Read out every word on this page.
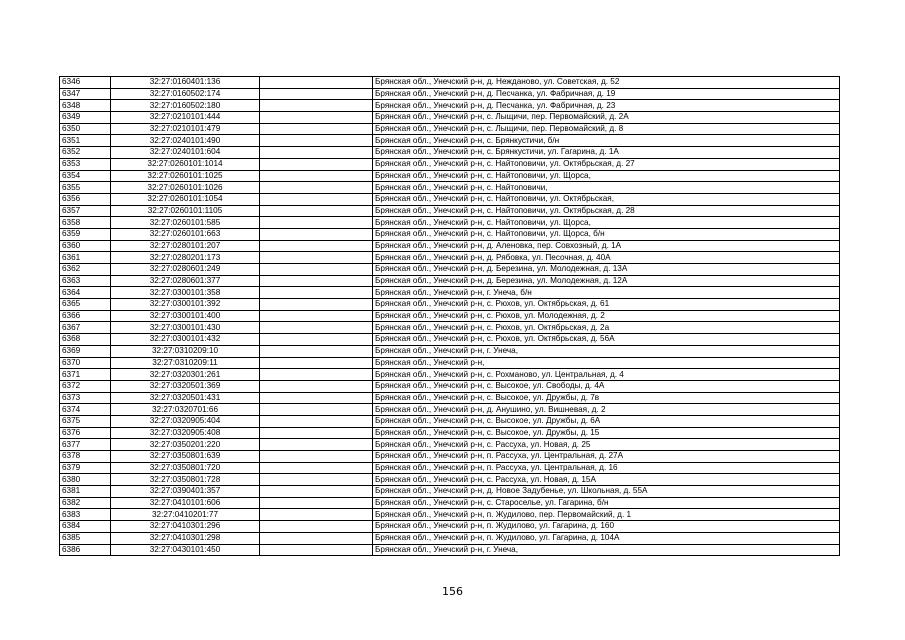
6346	32:27:0160401:136		Брянская обл., Унечский р-н, д. Нежданово, ул. Советская, д. 52
6347	32:27:0160502:174		Брянская обл., Унечский р-н, д. Песчанка, ул. Фабричная, д. 19
6348	32:27:0160502:180		Брянская обл., Унечский р-н, д. Песчанка, ул. Фабричная, д. 23
6349	32:27:0210101:444		Брянская обл., Унечский р-н, с. Лыщичи, пер. Первомайский, д. 2А
6350	32:27:0210101:479		Брянская обл., Унечский р-н, с. Лыщичи, пер. Первомайский, д. 8
6351	32:27:0240101:490		Брянская обл., Унечский р-н, с. Брянкустичи, б/н
6352	32:27:0240101:604		Брянская обл., Унечский р-н, с. Брянкустичи, ул. Гагарина, д. 1А
6353	32:27:0260101:1014		Брянская обл., Унечский р-н, с. Найтоповичи, ул. Октябрьская, д. 27
6354	32:27:0260101:1025		Брянская обл., Унечский р-н, с. Найтоповичи, ул. Щорса,
6355	32:27:0260101:1026		Брянская обл., Унечский р-н, с. Найтоповичи,
6356	32:27:0260101:1054		Брянская обл., Унечский р-н, с. Найтоповичи, ул. Октябрьская,
6357	32:27:0260101:1105		Брянская обл., Унечский р-н, с. Найтоповичи, ул. Октябрьская, д. 28
6358	32:27:0260101:585		Брянская обл., Унечский р-н, с. Найтоповичи, ул. Щорса,
6359	32:27:0260101:663		Брянская обл., Унечский р-н, с. Найтоповичи, ул. Щорса, б/н
6360	32:27:0280101:207		Брянская обл., Унечский р-н, д. Аленовка, пер. Совхозный, д. 1А
6361	32:27:0280201:173		Брянская обл., Унечский р-н, д. Рябовка, ул. Песочная, д. 40А
6362	32:27:0280601:249		Брянская обл., Унечский р-н, д. Березина, ул. Молодежная, д. 13А
6363	32:27:0280601:377		Брянская обл., Унечский р-н, д. Березина, ул. Молодежная, д. 12А
6364	32:27:0300101:358		Брянская обл., Унечский р-н, г. Унеча, б/н
6365	32:27:0300101:392		Брянская обл., Унечский р-н, с. Рюхов, ул. Октябрьская, д. 61
6366	32:27:0300101:400		Брянская обл., Унечский р-н, с. Рюхов, ул. Молодежная, д. 2
6367	32:27:0300101:430		Брянская обл., Унечский р-н, с. Рюхов, ул. Октябрьская, д. 2а
6368	32:27:0300101:432		Брянская обл., Унечский р-н, с. Рюхов, ул. Октябрьская, д. 56А
6369	32:27:0310209:10		Брянская обл., Унечский р-н, г. Унеча,
6370	32:27:0310209:11		Брянская обл., Унечский р-н,
6371	32:27:0320301:261		Брянская обл., Унечский р-н, с. Рохманово, ул. Центральная, д. 4
6372	32:27:0320501:369		Брянская обл., Унечский р-н, с. Высокое, ул. Свободы, д. 4А
6373	32:27:0320501:431		Брянская обл., Унечский р-н, с. Высокое, ул. Дружбы, д. 7в
6374	32:27:0320701:66		Брянская обл., Унечский р-н, д. Анушино, ул. Вишневая, д. 2
6375	32:27:0320905:404		Брянская обл., Унечский р-н, с. Высокое, ул. Дружбы, д. 6А
6376	32:27:0320905:408		Брянская обл., Унечский р-н, с. Высокое, ул. Дружбы, д. 15
6377	32:27:0350201:220		Брянская обл., Унечский р-н, с. Рассуха, ул. Новая, д. 25
6378	32:27:0350801:639		Брянская обл., Унечский р-н, п. Рассуха, ул. Центральная, д. 27А
6379	32:27:0350801:720		Брянская обл., Унечский р-н, п. Рассуха, ул. Центральная, д. 16
6380	32:27:0350801:728		Брянская обл., Унечский р-н, с. Рассуха, ул. Новая, д. 15А
6381	32:27:0390401:357		Брянская обл., Унечский р-н, д. Новое Задубенье, ул. Школьная, д. 55А
6382	32:27:0410101:606		Брянская обл., Унечский р-н, с. Староселье, ул. Гагарина, б/н
6383	32:27:0410201:77		Брянская обл., Унечский р-н, п. Жудилово, пер. Первомайский, д. 1
6384	32:27:0410301:296		Брянская обл., Унечский р-н, п. Жудилово, ул. Гагарина, д. 160
6385	32:27:0410301:298		Брянская обл., Унечский р-н, п. Жудилово, ул. Гагарина, д. 104А
6386	32:27:0430101:450		Брянская обл., Унечский р-н, г. Унеча,
156
